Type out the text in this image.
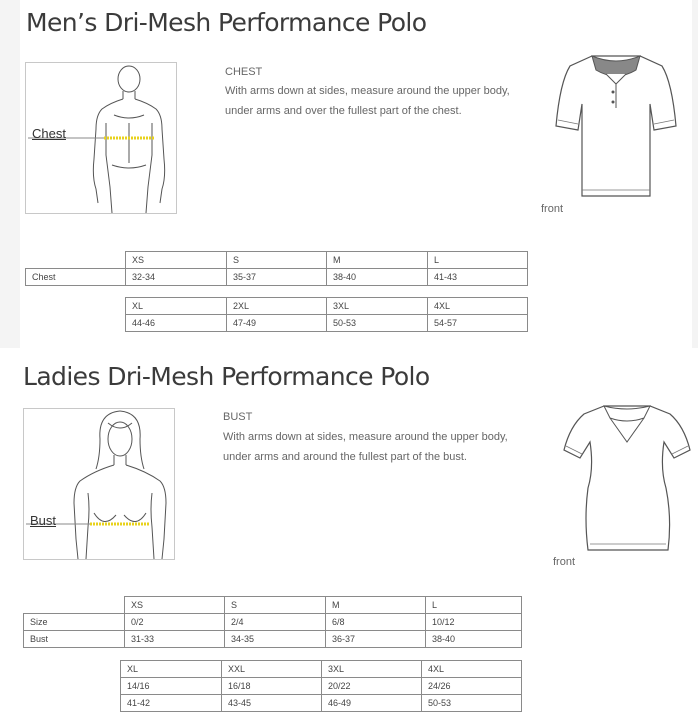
Men’s Dri-Mesh Performance Polo
Chest
CHEST
With arms down at sides, measure around the upper body, under arms and over the fullest part of the chest.
front
	XS	S	M	L
Chest	32-34	35-37	38-40	41-43
XL	2XL	3XL	4XL
44-46	47-49	50-53	54-57
Ladies Dri-Mesh Performance Polo
Bust
BUST
With arms down at sides, measure around the upper body, under arms and around the fullest part of the bust.
front
	XS	S	M	L
Size	0/2	2/4	6/8	10/12
Bust	31-33	34-35	36-37	38-40
XL	XXL	3XL	4XL
14/16	16/18	20/22	24/26
41-42	43-45	46-49	50-53
